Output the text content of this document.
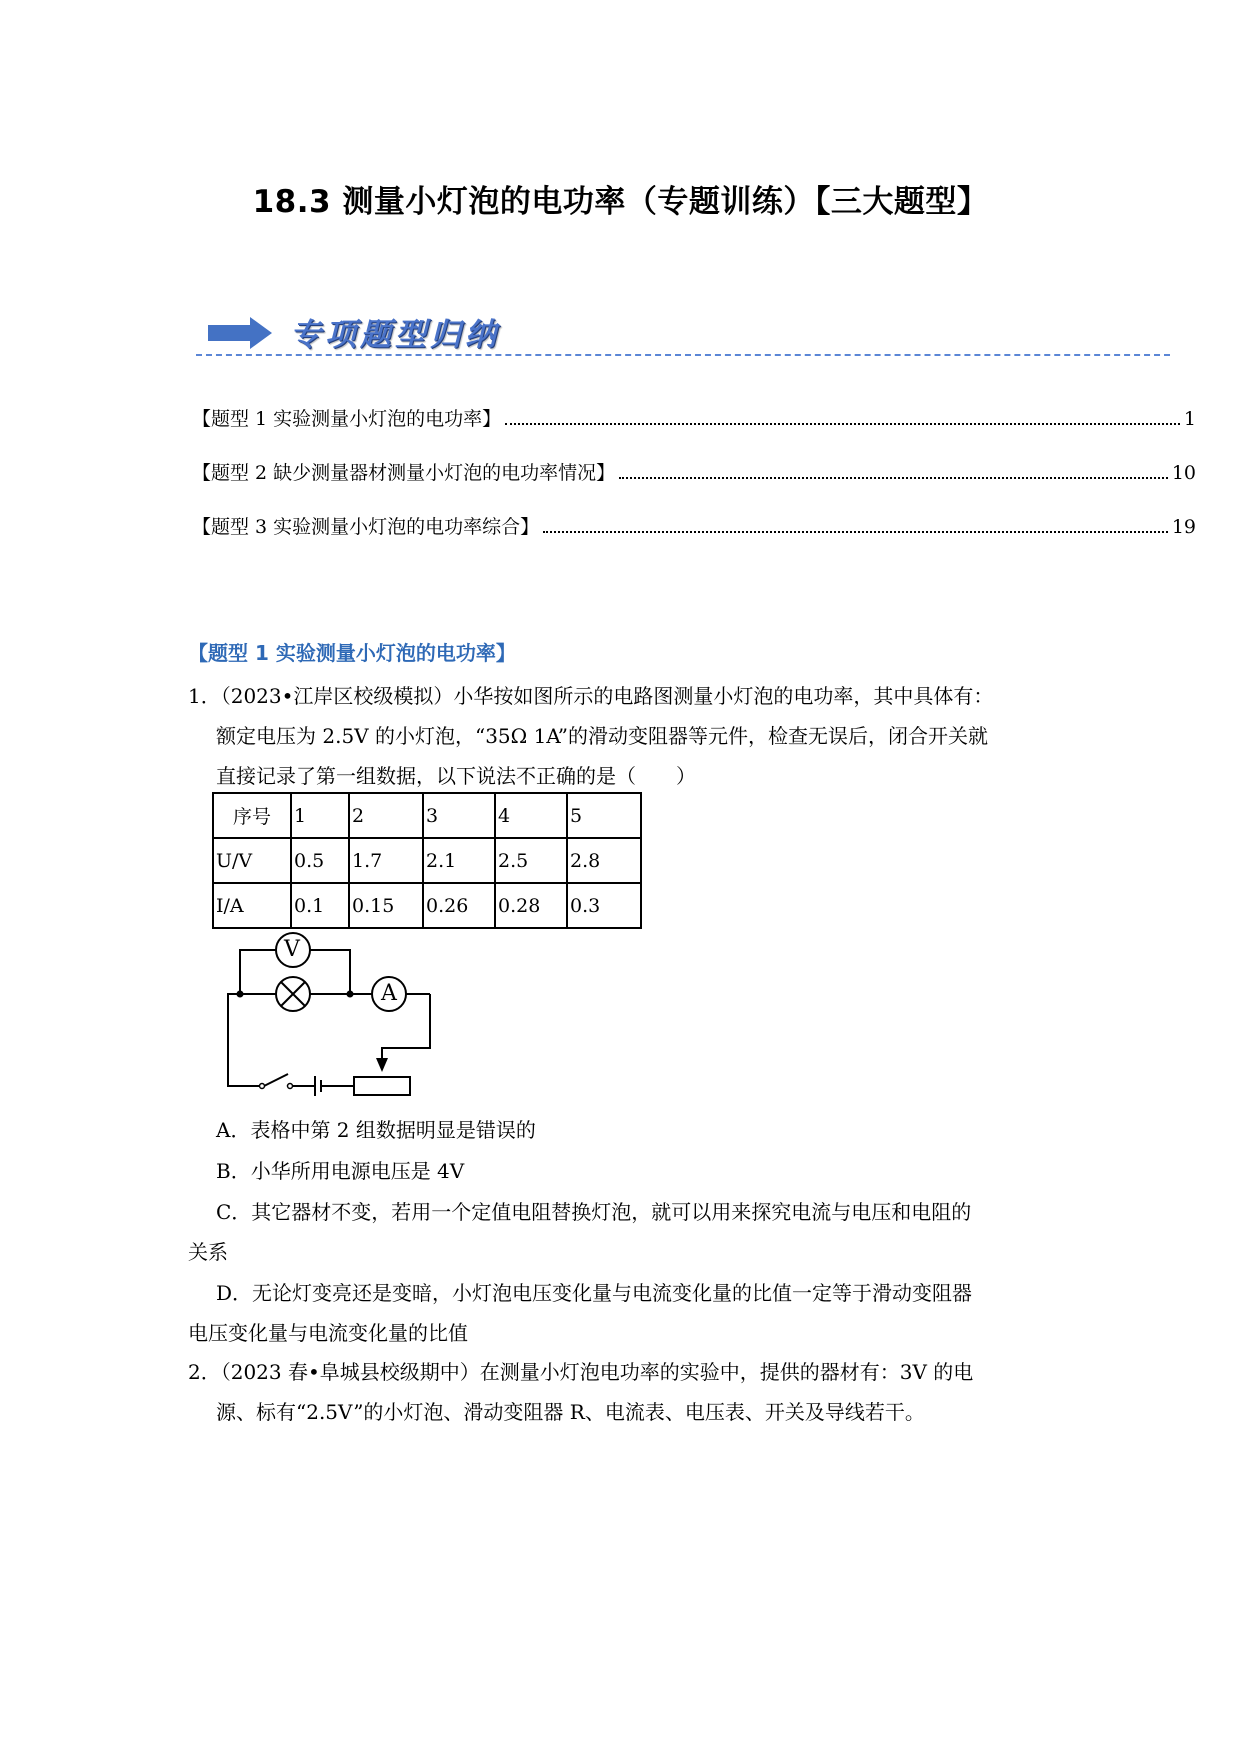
18.3 测量小灯泡的电功率（专题训练）【三大题型】
专项题型归纳
【题型 1 实验测量小灯泡的电功率】	1
【题型 2 缺少测量器材测量小灯泡的电功率情况】	10
【题型 3 实验测量小灯泡的电功率综合】	19
【题型 1 实验测量小灯泡的电功率】
1．（2023•江岸区校级模拟）小华按如图所示的电路图测量小灯泡的电功率，其中具体有：
额定电压为 2.5V 的小灯泡，“35Ω 1A”的滑动变阻器等元件，检查无误后，闭合开关就
直接记录了第一组数据，以下说法不正确的是（　　）
序号	1	2	3	4	5
U/V	0.5	1.7	2.1	2.5	2.8
I/A	0.1	0.15	0.26	0.28	0.3
V
A
A．表格中第 2 组数据明显是错误的
B．小华所用电源电压是 4V
C．其它器材不变，若用一个定值电阻替换灯泡，就可以用来探究电流与电压和电阻的
关系
D．无论灯变亮还是变暗，小灯泡电压变化量与电流变化量的比值一定等于滑动变阻器
电压变化量与电流变化量的比值
2．（2023 春•阜城县校级期中）在测量小灯泡电功率的实验中，提供的器材有：3V 的电
源、标有“2.5V”的小灯泡、滑动变阻器 R、电流表、电压表、开关及导线若干。
